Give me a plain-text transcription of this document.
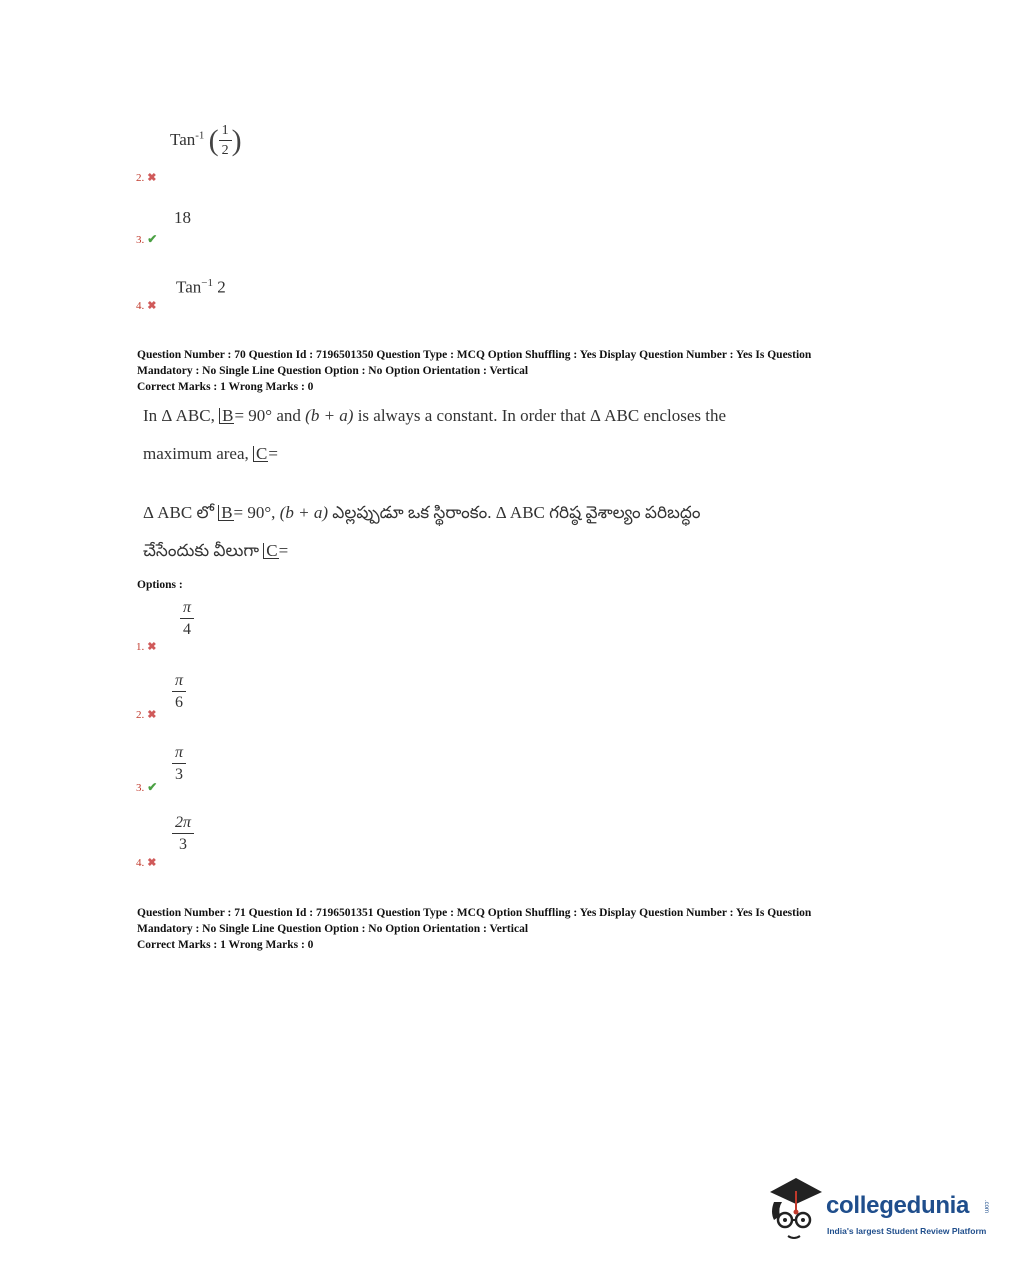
Tan$^{-1}$ ( $\frac{1}{2}$ )
2. ✖
18
3. ✔
Tan$^{-1}$ 2
4. ✖
Question Number : 70 Question Id : 7196501350 Question Type : MCQ Option Shuffling : Yes Display Question Number : Yes Is Question
Mandatory : No Single Line Question Option : No Option Orientation : Vertical
Correct Marks : 1 Wrong Marks : 0
In Δ ABC, B= 90° and (b + a) is always a constant. In order that Δ ABC encloses the
maximum area, C=
Δ ABC లో B= 90°, (b + a) ఎల్లప్పుడూ ఒక స్థిరాంకం. Δ ABC గరిష్ఠ వైశాల్యం పరిబద్ధం
చేసేందుకు వీలుగా C=
Options :
$\frac{\pi}{4}$
1. ✖
$\frac{\pi}{6}$
2. ✖
$\frac{\pi}{3}$
3. ✔
$\frac{2\pi}{3}$
4. ✖
Question Number : 71 Question Id : 7196501351 Question Type : MCQ Option Shuffling : Yes Display Question Number : Yes Is Question
Mandatory : No Single Line Question Option : No Option Orientation : Vertical
Correct Marks : 1 Wrong Marks : 0
collegedunia .com
India's largest Student Review Platform
